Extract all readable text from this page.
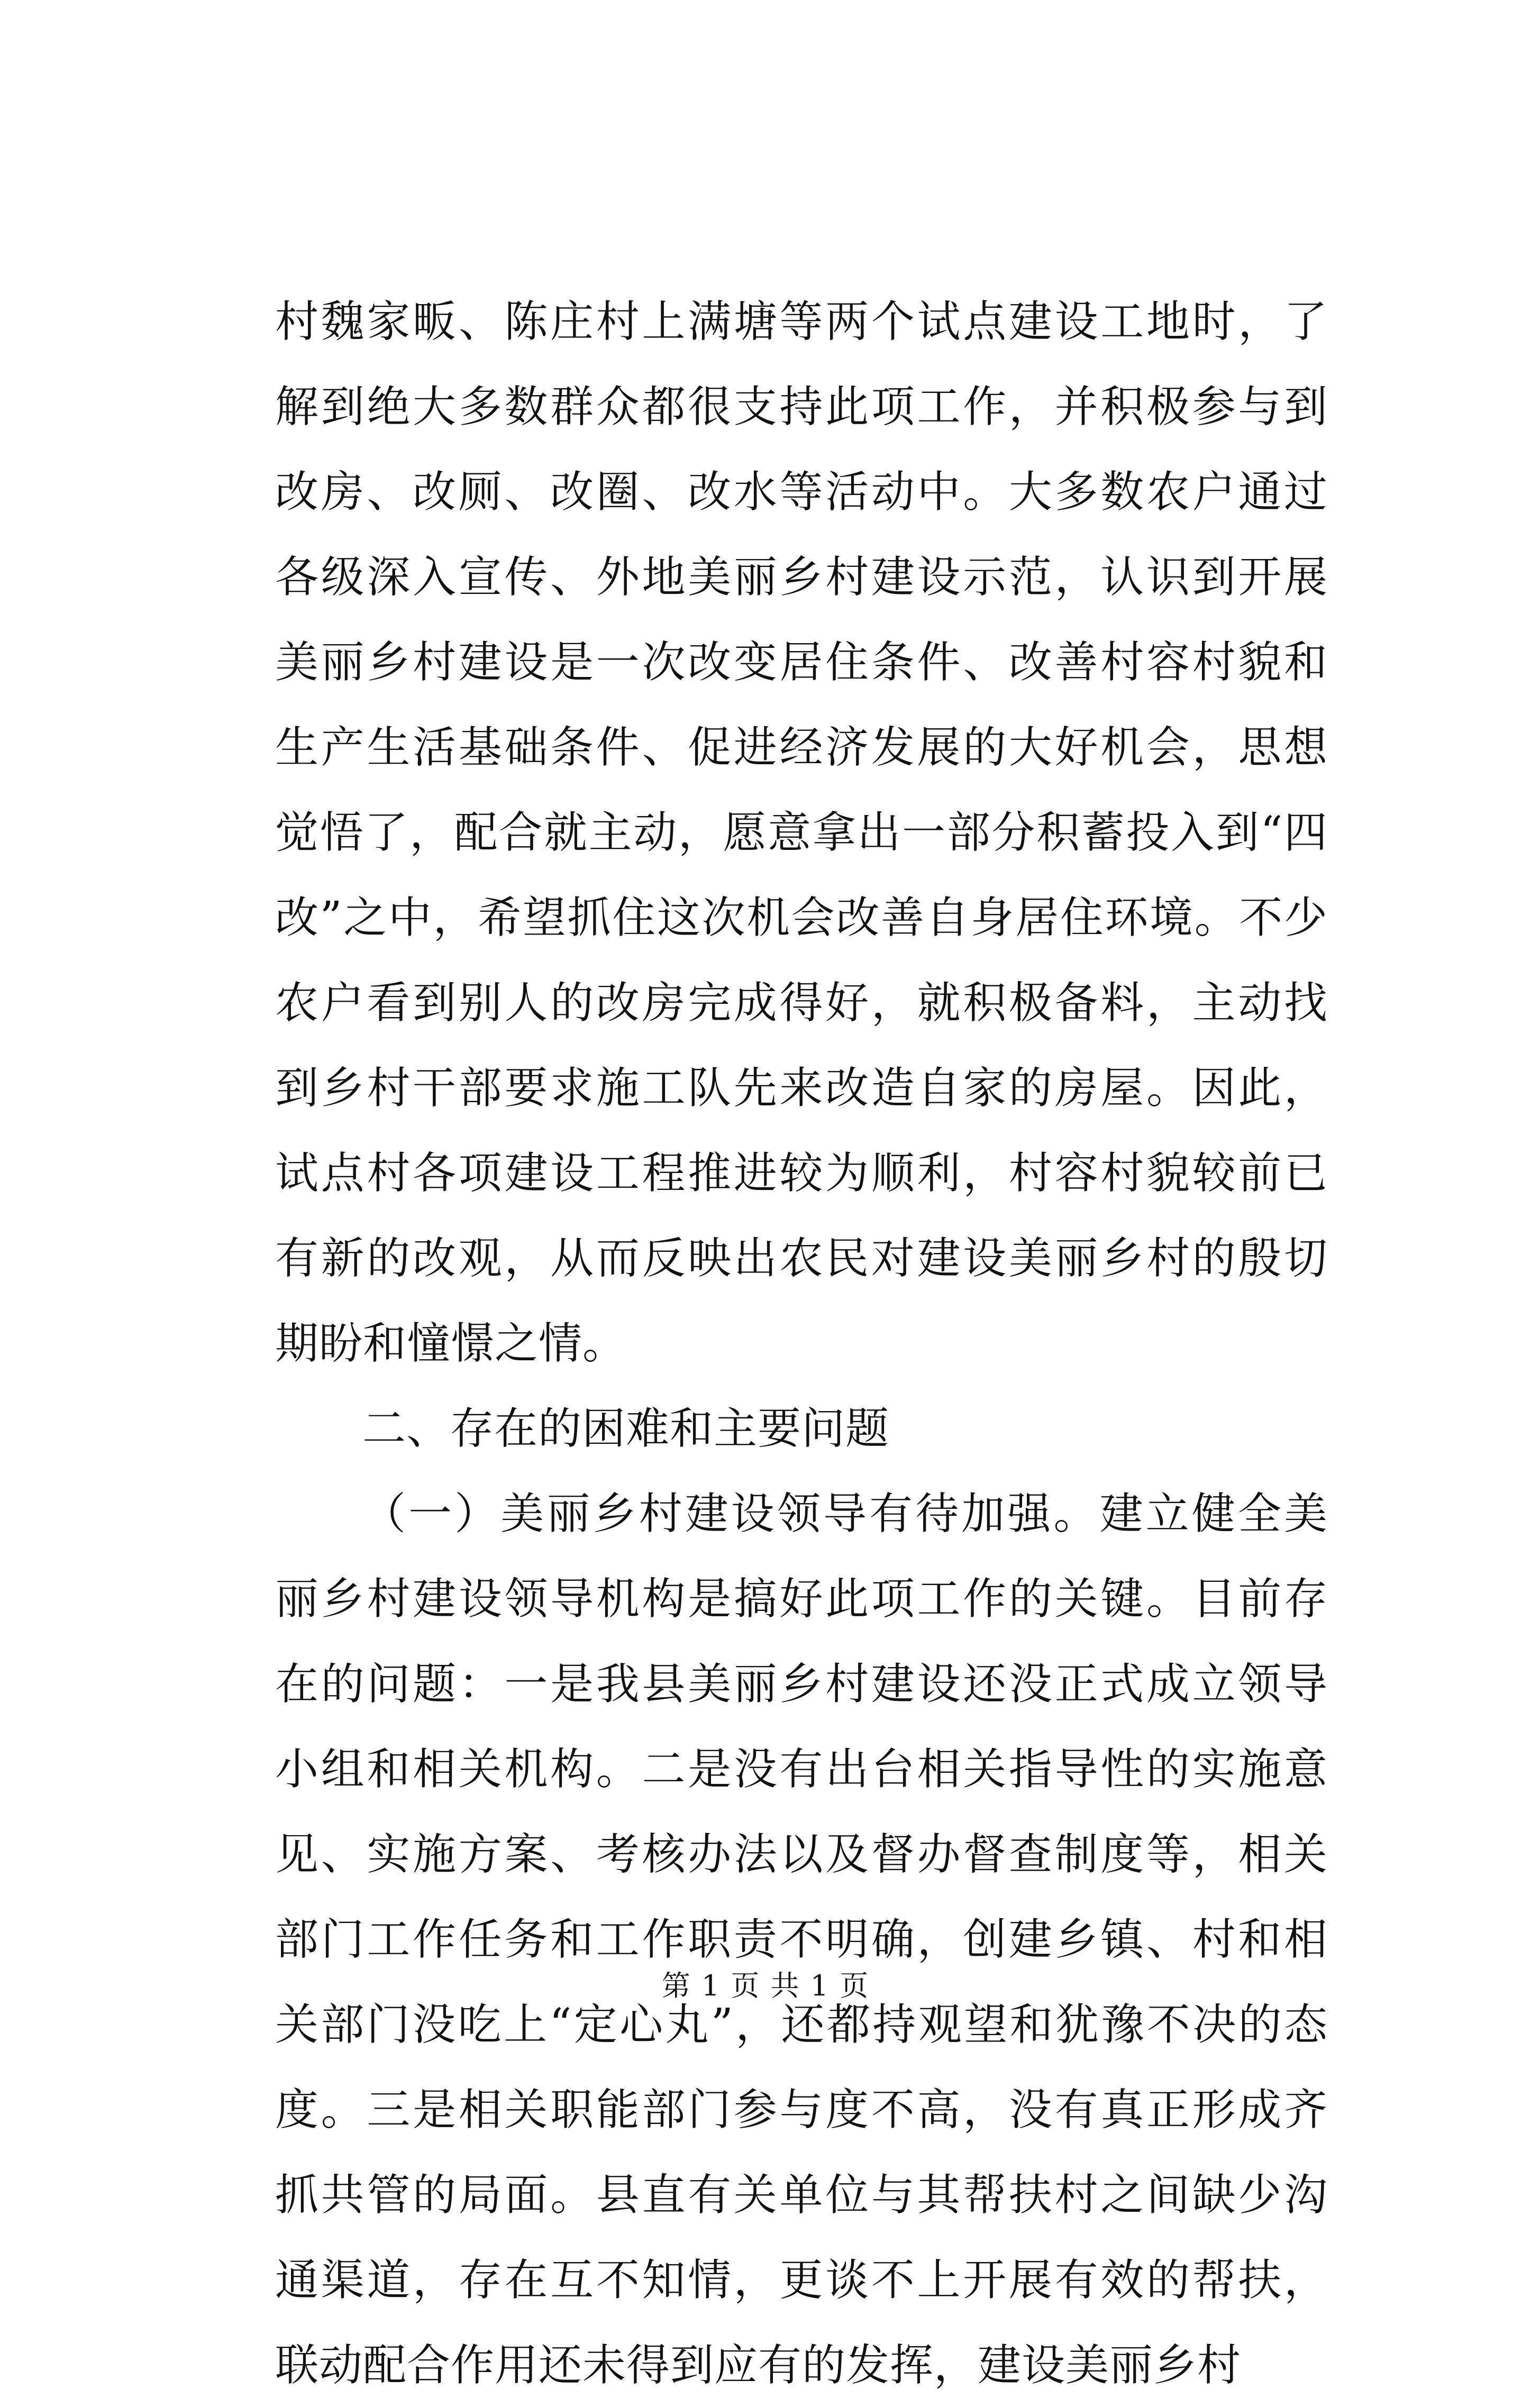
村魏家畈、陈庄村上满塘等两个试点建设工地时，了解到绝大多数群众都很支持此项工作，并积极参与到改房、改厕、改圈、改水等活动中。大多数农户通过各级深入宣传、外地美丽乡村建设示范，认识到开展美丽乡村建设是一次改变居住条件、改善村容村貌和生产生活基础条件、促进经济发展的大好机会，思想觉悟了，配合就主动，愿意拿出一部分积蓄投入到“四改”之中，希望抓住这次机会改善自身居住环境。不少农户看到别人的改房完成得好，就积极备料，主动找到乡村干部要求施工队先来改造自家的房屋。因此，试点村各项建设工程推进较为顺利，村容村貌较前已有新的改观，从而反映出农民对建设美丽乡村的殷切期盼和憧憬之情。

二、存在的困难和主要问题

（一）美丽乡村建设领导有待加强。建立健全美丽乡村建设领导机构是搞好此项工作的关键。目前存在的问题：一是我县美丽乡村建设还没正式成立领导小组和相关机构。二是没有出台相关指导性的实施意见、实施方案、考核办法以及督办督查制度等，相关部门工作任务和工作职责不明确，创建乡镇、村和相关部门没吃上“定心丸”，还都持观望和犹豫不决的态度。三是相关职能部门参与度不高，没有真正形成齐抓共管的局面。县直有关单位与其帮扶村之间缺少沟通渠道，存在互不知情，更谈不上开展有效的帮扶，联动配合作用还未得到应有的发挥，建设美丽乡村

第 1 页 共 1 页
